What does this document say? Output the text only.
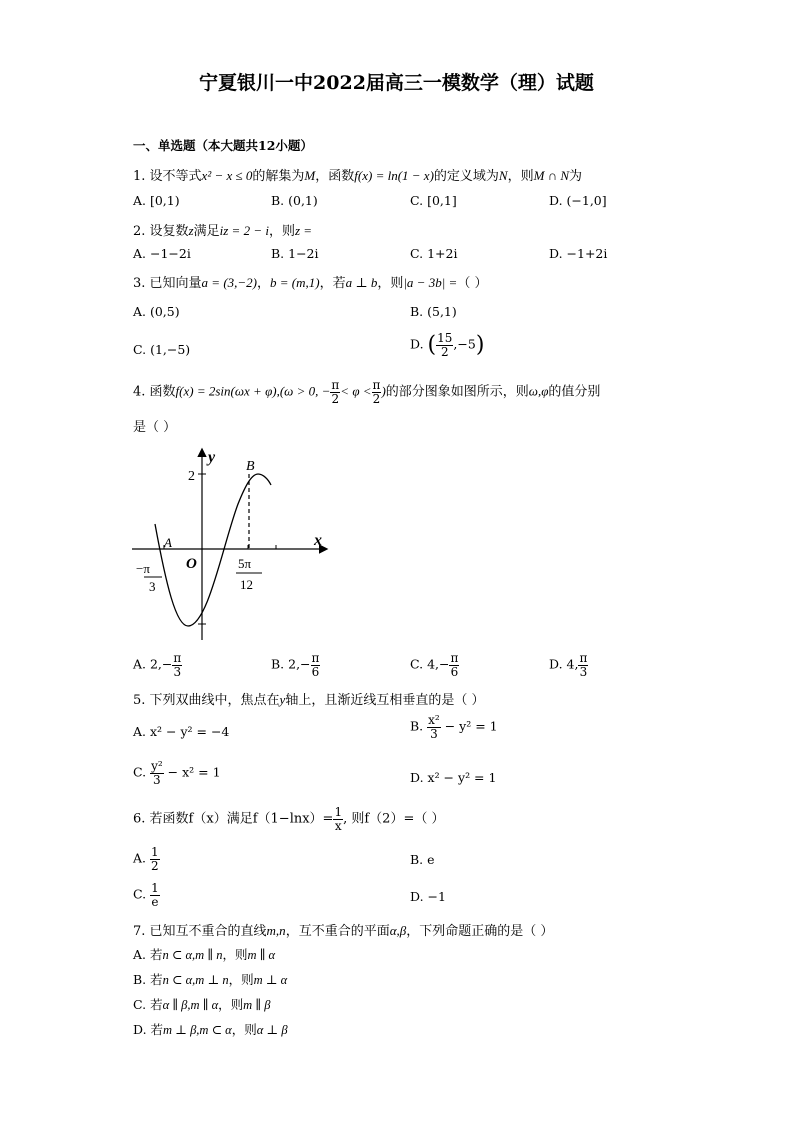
宁夏银川一中2022届高三一模数学（理）试题
一、单选题（本大题共12小题）
1. 设不等式x² − x ≤ 0的解集为M，函数f(x) = ln(1 − x)的定义域为N，则M ∩ N为
A. [0,1)	B. (0,1)	C. [0,1]	D. (−1,0]
2. 设复数z满足iz = 2 − i，则z =
A. −1−2i	B. 1−2i	C. 1+2i	D. −1+2i
3. 已知向量a = (3,−2)，b = (m,1)，若a ⊥ b，则|a − 3b| =（ ）
A. (0,5)	B. (5,1)
C. (1,−5)	D. ( $\frac{15}{2} ,-5$)
4. 函数f(x) = 2sin(ωx + φ),(ω > 0, − $\frac{\pi}{2} < \varphi < \frac{\pi}{2}$ )的部分图象如图所示，则ω,φ的值分别
是（ ）
y
x
O
A
B
2
−π
3
5π
12
A. $2,- \frac{\pi}{3}$	B. $2,- \frac{\pi}{6}$	C. $4,- \frac{\pi}{6}$	D. 4, $\frac{\pi}{3}$
5. 下列双曲线中，焦点在y轴上，且渐近线互相垂直的是（ ）
A. x² − y² = −4	B. $\frac{\text{x²}}{3} - y^2 = 1$
C. $\frac{\text{y²}}{3} - x^2 = 1$	D. x² − y² = 1
6. 若函数f（x）满足$f(1-\ln x)= \frac{1}{x}$ , 则f（2）=（ ）
A. $\frac{1}{2}$	B. e
C. $\frac{1}{e}$	D. −1
7. 已知互不重合的直线m,n，互不重合的平面α,β，下列命题正确的是（ ）
A. 若n ⊂ α,m ∥ n，则m ∥ α
B. 若n ⊂ α,m ⊥ n，则m ⊥ α
C. 若α ∥ β,m ∥ α，则m ∥ β
D. 若m ⊥ β,m ⊂ α，则α ⊥ β
